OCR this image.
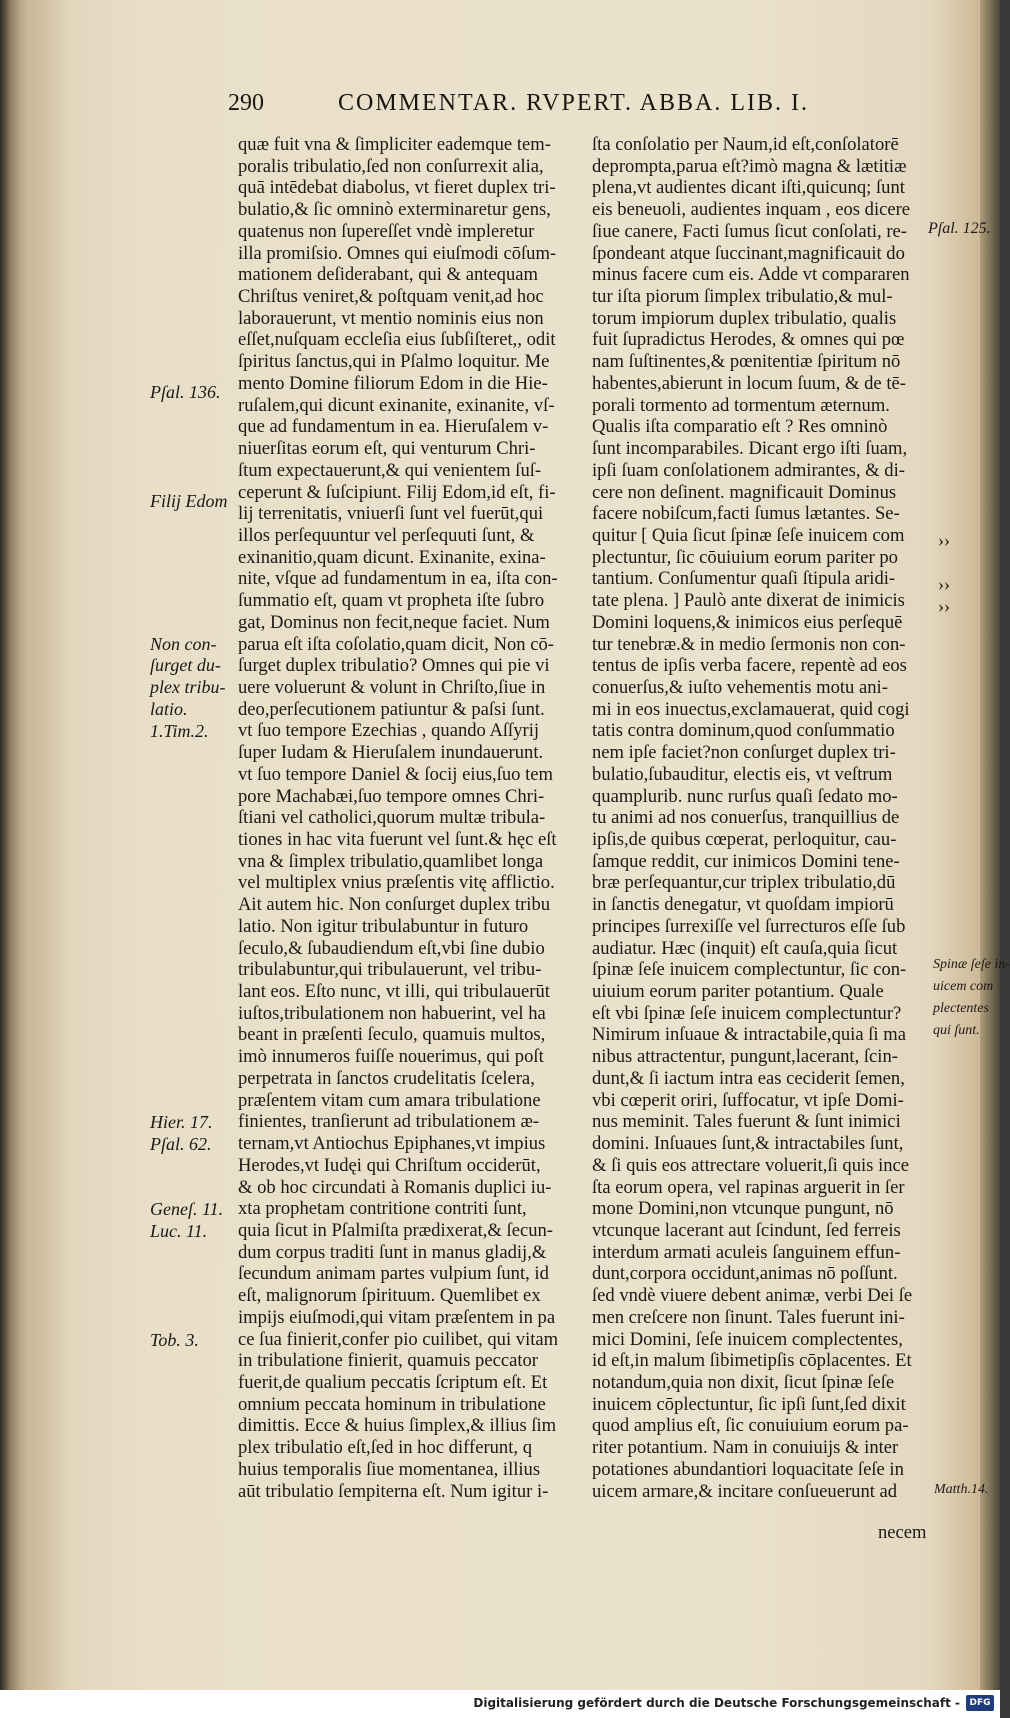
290	COMMENTAR. RVPERT. ABBA. LIB. I.
quæ fuit vna & ſimpliciter eademque tem-
poralis tribulatio,ſed non conſurrexit alia,
quā intēdebat diabolus, vt fieret duplex tri-
bulatio,& ſic omninò exterminaretur gens,
quatenus non ſupereſſet vndè impleretur
illa promiſsio. Omnes qui eiuſmodi cōſum-
mationem deſiderabant, qui & antequam
Chriſtus veniret,& poſtquam venit,ad hoc
laborauerunt, vt mentio nominis eius non
eſſet,nuſquam eccleſia eius ſubſiſteret,, odit
ſpiritus ſanctus,qui in Pſalmo loquitur. Me
mento Domine filiorum Edom in die Hie-
ruſalem,qui dicunt exinanite, exinanite, vſ-
que ad fundamentum in ea. Hieruſalem v-
niuerſitas eorum eſt, qui venturum Chri-
ſtum expectauerunt,& qui venientem ſuſ-
ceperunt & ſuſcipiunt. Filij Edom,id eſt, fi-
lij terrenitatis, vniuerſi ſunt vel fuerūt,qui
illos perſequuntur vel perſequuti ſunt, &
exinanitio,quam dicunt. Exinanite, exina-
nite, vſque ad fundamentum in ea, iſta con-
ſummatio eſt, quam vt propheta iſte ſubro
gat, Dominus non fecit,neque faciet. Num
parua eſt iſta coſolatio,quam dicit, Non cō-
ſurget duplex tribulatio? Omnes qui pie vi
uere voluerunt & volunt in Chriſto,ſiue in
deo,perſecutionem patiuntur & paſsi ſunt.
vt ſuo tempore Ezechias , quando Aſſyrij
ſuper Iudam & Hieruſalem inundauerunt.
vt ſuo tempore Daniel & ſocij eius,ſuo tem
pore Machabæi,ſuo tempore omnes Chri-
ſtiani vel catholici,quorum multæ tribula-
tiones in hac vita fuerunt vel ſunt.& hęc eſt
vna & ſimplex tribulatio,quamlibet longa
vel multiplex vnius præſentis vitę afflictio.
Ait autem hic. Non conſurget duplex tribu
latio. Non igitur tribulabuntur in futuro
ſeculo,& ſubaudiendum eſt,vbi ſine dubio
tribulabuntur,qui tribulauerunt, vel tribu-
lant eos. Eſto nunc, vt illi, qui tribulauerūt
iuſtos,tribulationem non habuerint, vel ha
beant in præſenti ſeculo, quamuis multos,
imò innumeros fuiſſe nouerimus, qui poſt
perpetrata in ſanctos crudelitatis ſcelera,
præſentem vitam cum amara tribulatione
finientes, tranſierunt ad tribulationem æ-
ternam,vt Antiochus Epiphanes,vt impius
Herodes,vt Iudęi qui Chriſtum occiderūt,
& ob hoc circundati à Romanis duplici iu-
xta prophetam contritione contriti ſunt,
quia ſicut in Pſalmiſta prædixerat,& ſecun-
dum corpus traditi ſunt in manus gladij,&
ſecundum animam partes vulpium ſunt, id
eſt, malignorum ſpirituum. Quemlibet ex
impijs eiuſmodi,qui vitam præſentem in pa
ce ſua finierit,confer pio cuilibet, qui vitam
in tribulatione finierit, quamuis peccator
fuerit,de qualium peccatis ſcriptum eſt. Et
omnium peccata hominum in tribulatione
dimittis. Ecce & huius ſimplex,& illius ſim
plex tribulatio eſt,ſed in hoc differunt, q
huius temporalis ſiue momentanea, illius
aūt tribulatio ſempiterna eſt. Num igitur i-
ſta conſolatio per Naum,id eſt,conſolatorē
deprompta,parua eſt?imò magna & lætitiæ
plena,vt audientes dicant iſti,quicunq; ſunt
eis beneuoli, audientes inquam , eos dicere
ſiue canere, Facti ſumus ſicut conſolati, re-
ſpondeant atque ſuccinant,magnificauit do
minus facere cum eis. Adde vt compararen
tur iſta piorum ſimplex tribulatio,& mul-
torum impiorum duplex tribulatio, qualis
fuit ſupradictus Herodes, & omnes qui pœ
nam ſuſtinentes,& pœnitentiæ ſpiritum nō
habentes,abierunt in locum ſuum, & de tē-
porali tormento ad tormentum æternum.
Qualis iſta comparatio eſt ? Res omninò
ſunt incomparabiles. Dicant ergo iſti ſuam,
ipſi ſuam conſolationem admirantes, & di-
cere non deſinent. magnificauit Dominus
facere nobiſcum,facti ſumus lætantes. Se-
quitur [ Quia ſicut ſpinæ ſeſe inuicem com
plectuntur, ſic cōuiuium eorum pariter po
tantium. Conſumentur quaſi ſtipula aridi-
tate plena. ] Paulò ante dixerat de inimicis
Domini loquens,& inimicos eius perſequē
tur tenebræ.& in medio ſermonis non con-
tentus de ipſis verba facere, repentè ad eos
conuerſus,& iuſto vehementis motu ani-
mi in eos inuectus,exclamauerat, quid cogi
tatis contra dominum,quod conſummatio
nem ipſe faciet?non conſurget duplex tri-
bulatio,ſubauditur, electis eis, vt veſtrum
quamplurib. nunc rurſus quaſi ſedato mo-
tu animi ad nos conuerſus, tranquillius de
ipſis,de quibus cœperat, perloquitur, cau-
ſamque reddit, cur inimicos Domini tene-
bræ perſequantur,cur triplex tribulatio,dū
in ſanctis denegatur, vt quoſdam impiorū
principes ſurrexiſſe vel ſurrecturos eſſe ſub
audiatur. Hæc (inquit) eſt cauſa,quia ſicut
ſpinæ ſeſe inuicem complectuntur, ſic con-
uiuium eorum pariter potantium. Quale
eſt vbi ſpinæ ſeſe inuicem complectuntur?
Nimirum inſuaue & intractabile,quia ſi ma
nibus attractentur, pungunt,lacerant, ſcin-
dunt,& ſi iactum intra eas ceciderit ſemen,
vbi cœperit oriri, ſuffocatur, vt ipſe Domi-
nus meminit. Tales fuerunt & ſunt inimici
domini. Inſuaues ſunt,& intractabiles ſunt,
& ſi quis eos attrectare voluerit,ſi quis ince
ſta eorum opera, vel rapinas arguerit in ſer
mone Domini,non vtcunque pungunt, nō
vtcunque lacerant aut ſcindunt, ſed ferreis
interdum armati aculeis ſanguinem effun-
dunt,corpora occidunt,animas nō poſſunt.
ſed vndè viuere debent animæ, verbi Dei ſe
men creſcere non ſinunt. Tales fuerunt ini-
mici Domini, ſeſe inuicem complectentes,
id eſt,in malum ſibimetipſis cōplacentes. Et
notandum,quia non dixit, ſicut ſpinæ ſeſe
inuicem cōplectuntur, ſic ipſi ſunt,ſed dixit
quod amplius eſt, ſic conuiuium eorum pa-
riter potantium. Nam in conuiuijs & inter
potationes abundantiori loquacitate ſeſe in
uicem armare,& incitare conſueuerunt ad
Pſal. 136.
Filij Edom
Non con-
ſurget du-
plex tribu-
latio.
1.Tim.2.
Hier. 17.
Pſal. 62.
Geneſ. 11.
Luc. 11.
Tob. 3.
Pſal. 125.
››
››
››
Spinæ ſeſe in-
uicem com
plectentes
qui ſunt.
Matth.14.
necem
Digitalisierung gefördert durch die Deutsche Forschungsgemeinschaft -	DFG
